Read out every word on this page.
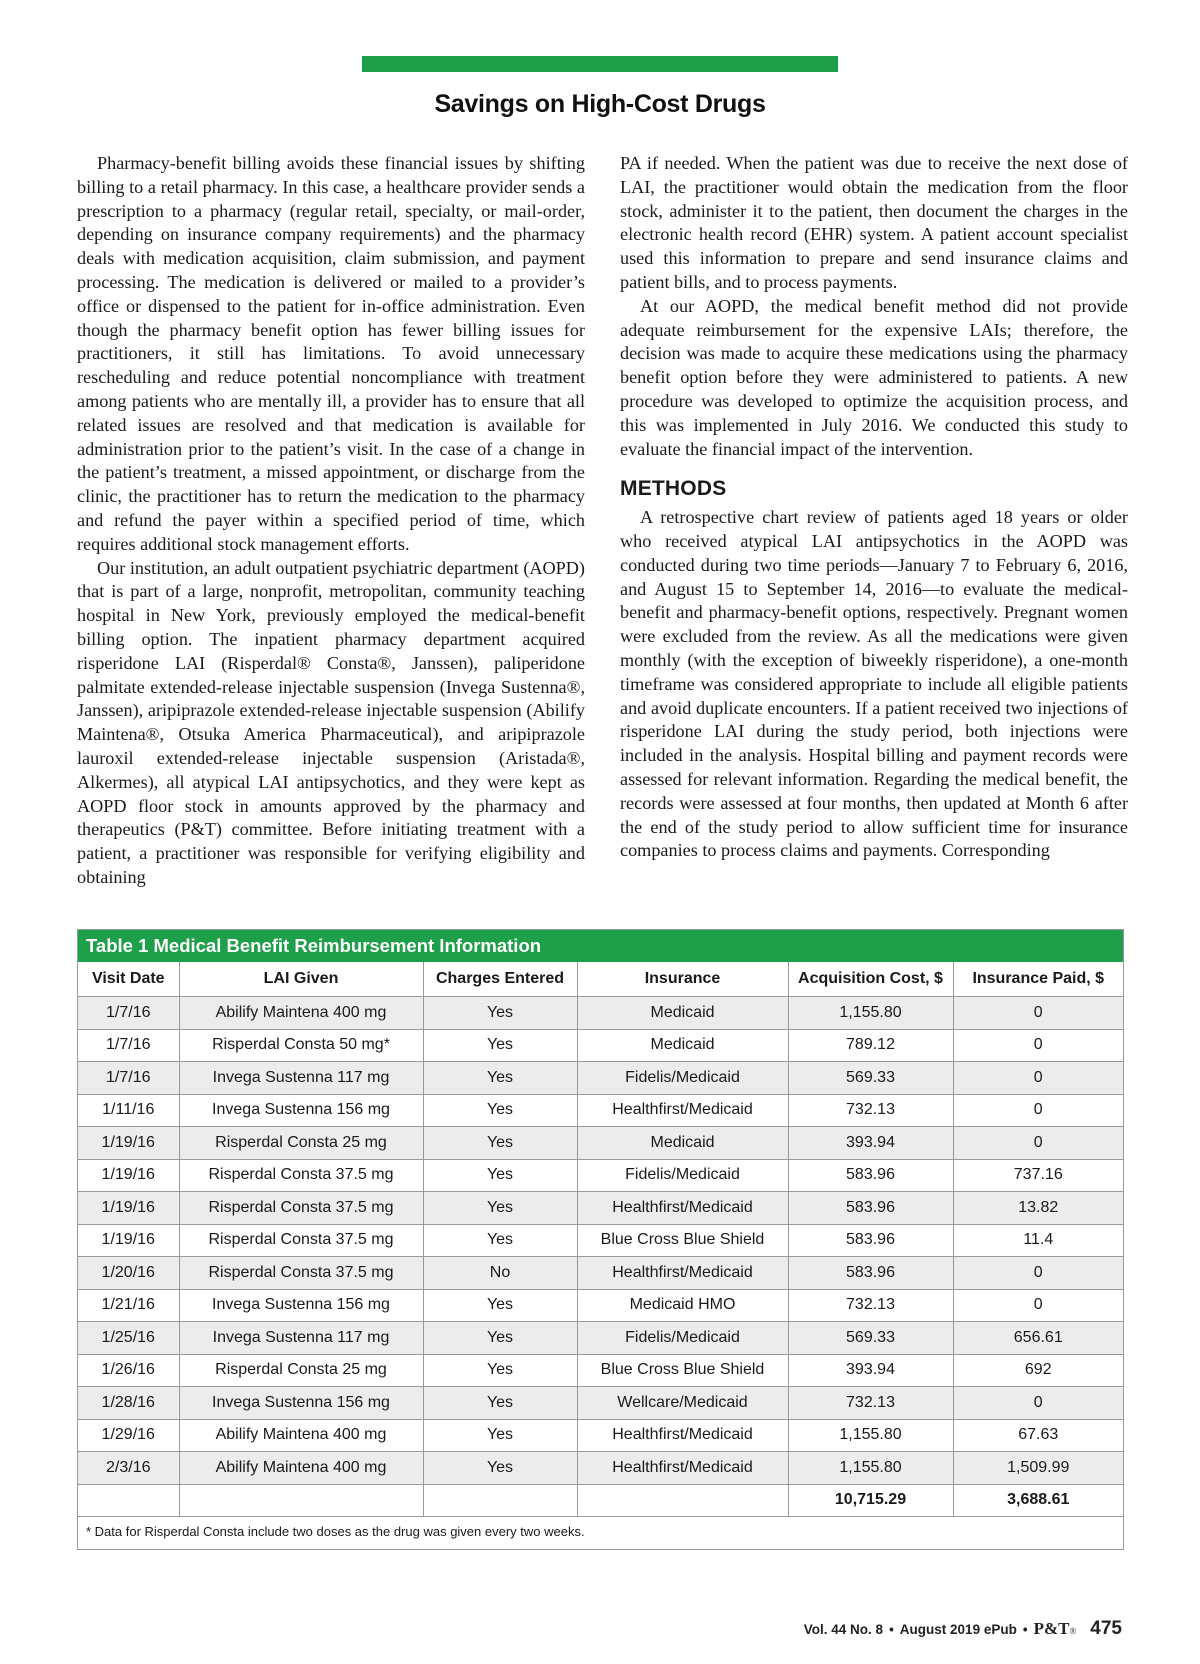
Savings on High-Cost Drugs

Pharmacy-benefit billing avoids these financial issues by shifting billing to a retail pharmacy. In this case, a healthcare provider sends a prescription to a pharmacy (regular retail, specialty, or mail-order, depending on insurance company requirements) and the pharmacy deals with medication acquisition, claim submission, and payment processing. The medication is delivered or mailed to a provider’s office or dispensed to the patient for in-office administration. Even though the pharmacy benefit option has fewer billing issues for practitioners, it still has limitations. To avoid unnecessary rescheduling and reduce potential noncompliance with treatment among patients who are mentally ill, a provider has to ensure that all related issues are resolved and that medication is available for administration prior to the patient’s visit. In the case of a change in the patient’s treatment, a missed appointment, or discharge from the clinic, the practitioner has to return the medication to the pharmacy and refund the payer within a specified period of time, which requires additional stock management efforts.

Our institution, an adult outpatient psychiatric department (AOPD) that is part of a large, nonprofit, metropolitan, community teaching hospital in New York, previously employed the medical-benefit billing option. The inpatient pharmacy department acquired risperidone LAI (Risperdal® Consta®, Janssen), paliperidone palmitate extended-release injectable suspension (Invega Sustenna®, Janssen), aripiprazole extended-release injectable suspension (Abilify Maintena®, Otsuka America Pharmaceutical), and aripiprazole lauroxil extended-release injectable suspension (Aristada®, Alkermes), all atypical LAI antipsychotics, and they were kept as AOPD floor stock in amounts approved by the pharmacy and therapeutics (P&T) committee. Before initiating treatment with a patient, a practitioner was responsible for verifying eligibility and obtaining

PA if needed. When the patient was due to receive the next dose of LAI, the practitioner would obtain the medication from the floor stock, administer it to the patient, then document the charges in the electronic health record (EHR) system. A patient account specialist used this information to prepare and send insurance claims and patient bills, and to process payments.

At our AOPD, the medical benefit method did not provide adequate reimbursement for the expensive LAIs; therefore, the decision was made to acquire these medications using the pharmacy benefit option before they were administered to patients. A new procedure was developed to optimize the acquisition process, and this was implemented in July 2016. We conducted this study to evaluate the financial impact of the intervention.

METHODS

A retrospective chart review of patients aged 18 years or older who received atypical LAI antipsychotics in the AOPD was conducted during two time periods—January 7 to February 6, 2016, and August 15 to September 14, 2016—to evaluate the medical-benefit and pharmacy-benefit options, respectively. Pregnant women were excluded from the review. As all the medications were given monthly (with the exception of biweekly risperidone), a one-month timeframe was considered appropriate to include all eligible patients and avoid duplicate encounters. If a patient received two injections of risperidone LAI during the study period, both injections were included in the analysis. Hospital billing and payment records were assessed for relevant information. Regarding the medical benefit, the records were assessed at four months, then updated at Month 6 after the end of the study period to allow sufficient time for insurance companies to process claims and payments. Corresponding

Table 1 Medical Benefit Reimbursement Information
Visit Date	LAI Given	Charges Entered	Insurance	Acquisition Cost, $	Insurance Paid, $
1/7/16	Abilify Maintena 400 mg	Yes	Medicaid	1,155.80	0
1/7/16	Risperdal Consta 50 mg*	Yes	Medicaid	789.12	0
1/7/16	Invega Sustenna 117 mg	Yes	Fidelis/Medicaid	569.33	0
1/11/16	Invega Sustenna 156 mg	Yes	Healthfirst/Medicaid	732.13	0
1/19/16	Risperdal Consta 25 mg	Yes	Medicaid	393.94	0
1/19/16	Risperdal Consta 37.5 mg	Yes	Fidelis/Medicaid	583.96	737.16
1/19/16	Risperdal Consta 37.5 mg	Yes	Healthfirst/Medicaid	583.96	13.82
1/19/16	Risperdal Consta 37.5 mg	Yes	Blue Cross Blue Shield	583.96	11.4
1/20/16	Risperdal Consta 37.5 mg	No	Healthfirst/Medicaid	583.96	0
1/21/16	Invega Sustenna 156 mg	Yes	Medicaid HMO	732.13	0
1/25/16	Invega Sustenna 117 mg	Yes	Fidelis/Medicaid	569.33	656.61
1/26/16	Risperdal Consta 25 mg	Yes	Blue Cross Blue Shield	393.94	692
1/28/16	Invega Sustenna 156 mg	Yes	Wellcare/Medicaid	732.13	0
1/29/16	Abilify Maintena 400 mg	Yes	Healthfirst/Medicaid	1,155.80	67.63
2/3/16	Abilify Maintena 400 mg	Yes	Healthfirst/Medicaid	1,155.80	1,509.99
				10,715.29	3,688.61
* Data for Risperdal Consta include two doses as the drug was given every two weeks.
Vol. 44 No. 8 • August 2019 ePub • P&T® 475
